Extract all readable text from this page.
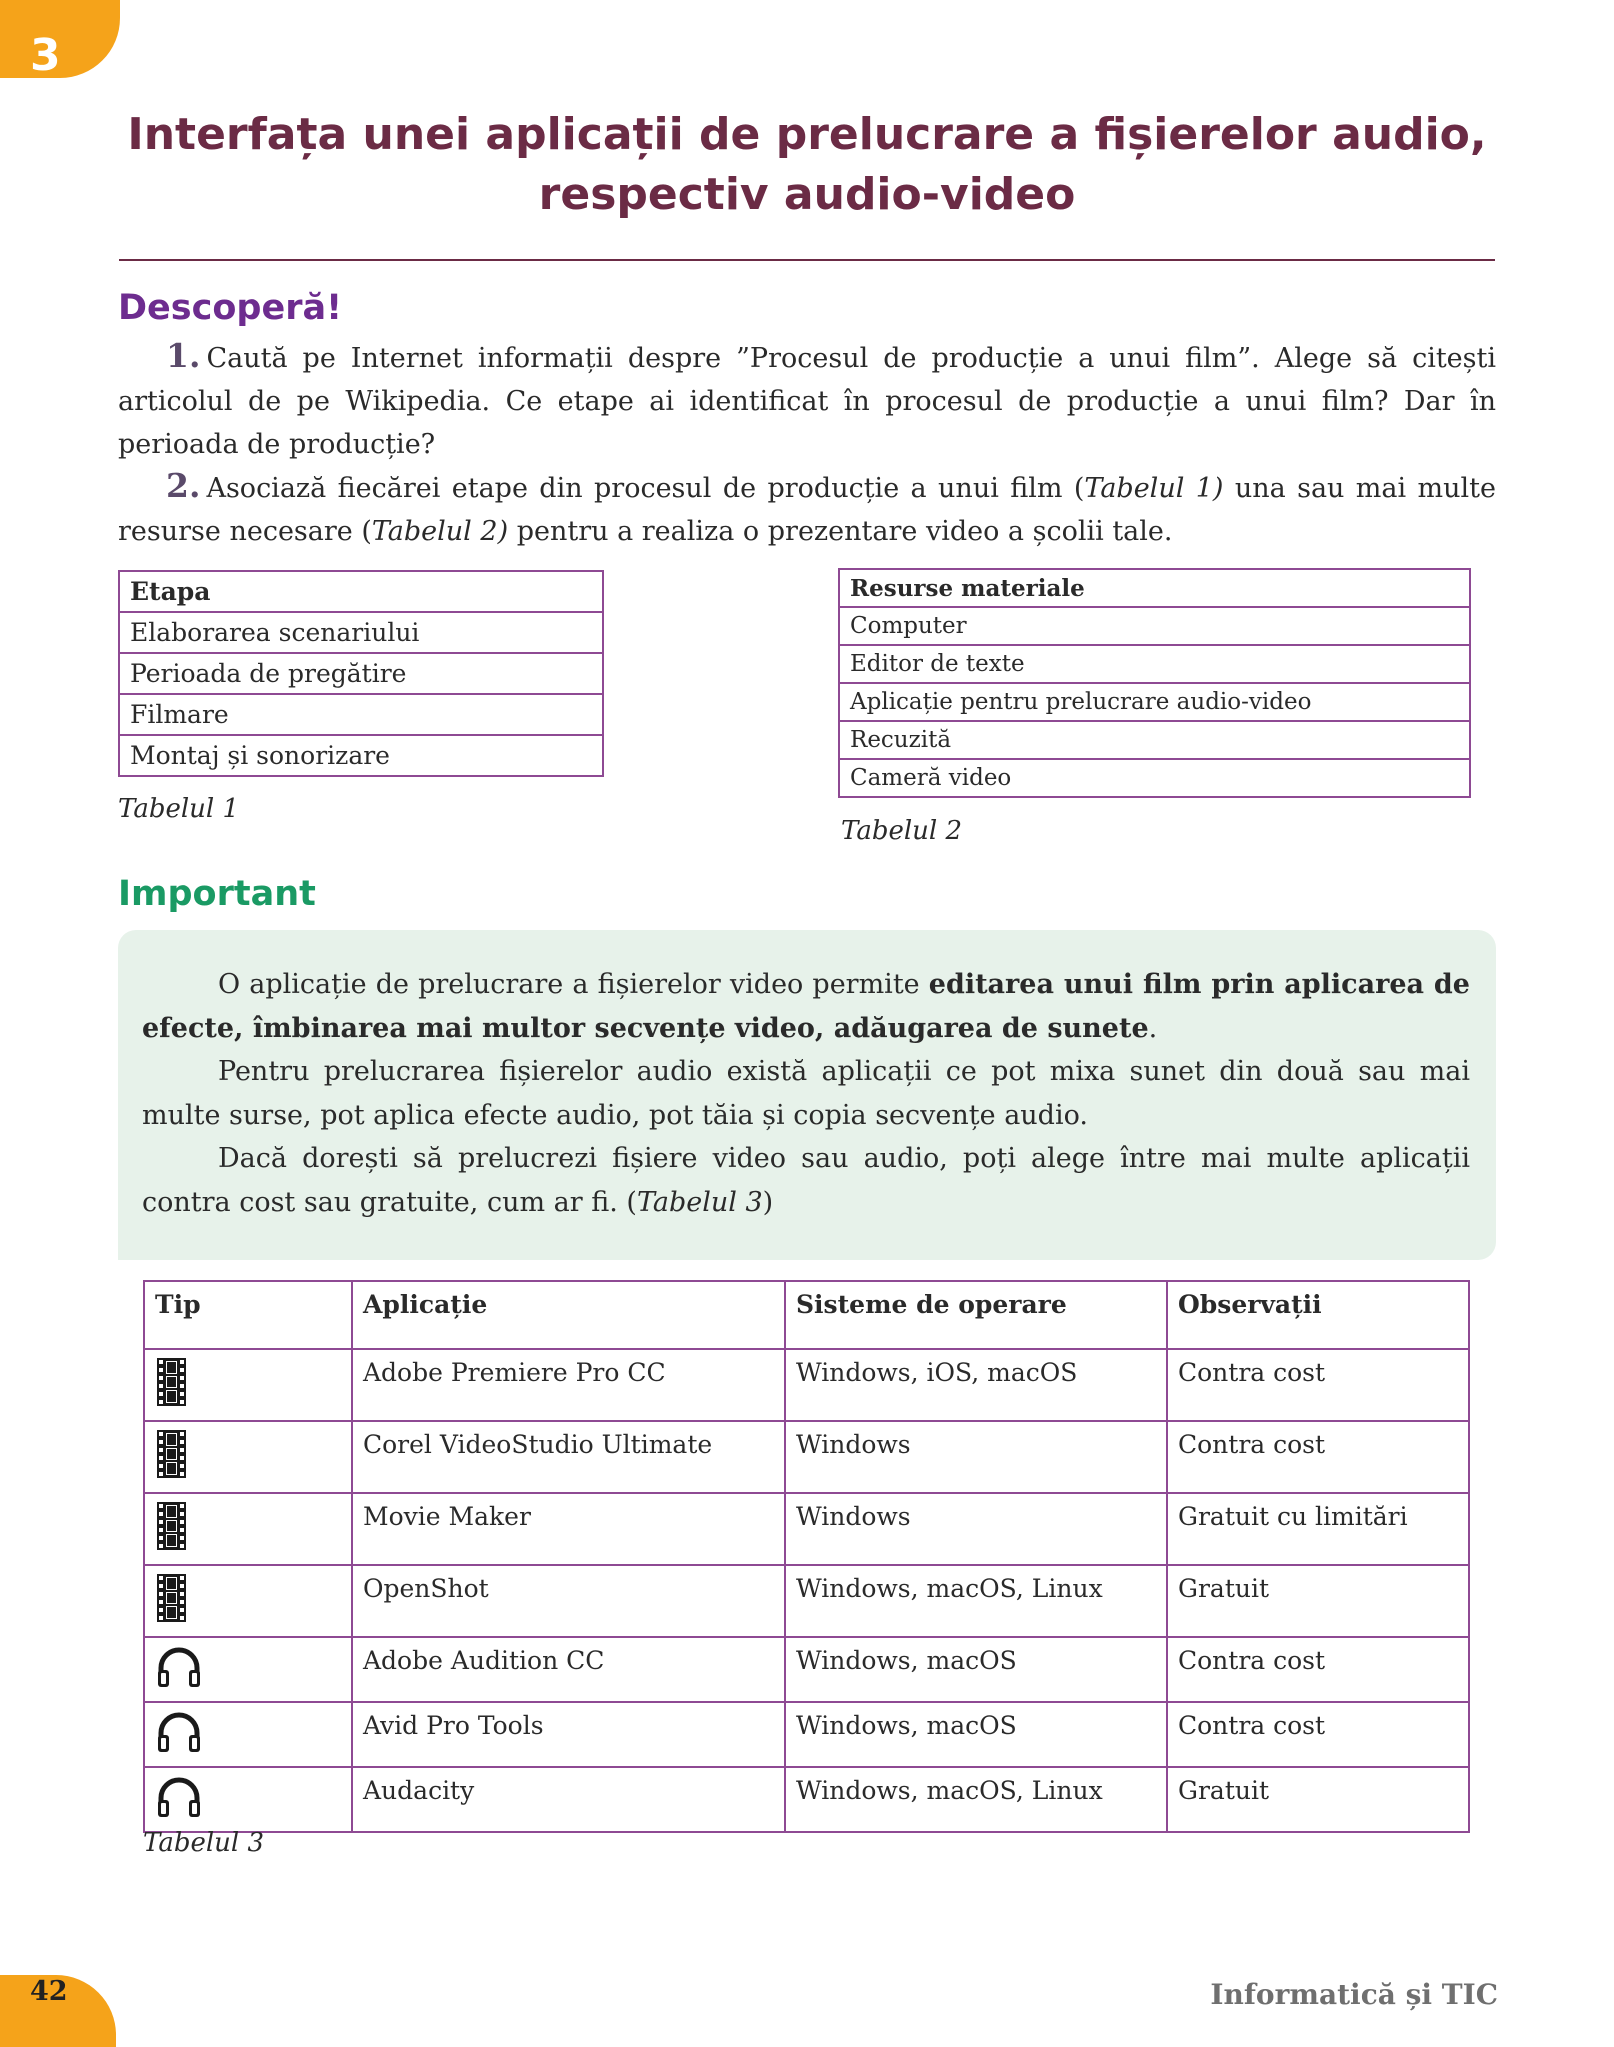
3
42	Informatică și TIC
Interfața unei aplicații de prelucrare a fișierelor audio,
respectiv audio-video
Descoperă!

1. Caută pe Internet informații despre ”Procesul de producție a unui film”. Alege să citești articolul de pe Wikipedia. Ce etape ai identificat în procesul de producție a unui film? Dar în perioada de producție?

2. Asociază fiecărei etape din procesul de producție a unui film (Tabelul 1) una sau mai multe resurse necesare (Tabelul 2) pentru a realiza o prezentare video a școlii tale.

Etapa
Elaborarea scenariului
Perioada de pregătire
Filmare
Montaj și sonorizare
Tabelul 1
Resurse materiale
Computer
Editor de texte
Aplicație pentru prelucrare audio-video
Recuzită
Cameră video
Tabelul 2
Important

O aplicație de prelucrare a fișierelor video permite editarea unui film prin aplicarea de efecte, îmbinarea mai multor secvențe video, adăugarea de sunete.

Pentru prelucrarea fișierelor audio există aplicații ce pot mixa sunet din două sau mai multe surse, pot aplica efecte audio, pot tăia și copia secvențe audio.

Dacă dorești să prelucrezi fișiere video sau audio, poți alege între mai multe aplicații contra cost sau gratuite, cum ar fi. (Tabelul 3)

Tip	Aplicație	Sisteme de operare	Observații
	Adobe Premiere Pro CC	Windows, iOS, macOS	Contra cost
	Corel VideoStudio Ultimate	Windows	Contra cost
	Movie Maker	Windows	Gratuit cu limitări
	OpenShot	Windows, macOS, Linux	Gratuit
	Adobe Audition CC	Windows, macOS	Contra cost
	Avid Pro Tools	Windows, macOS	Contra cost
	Audacity	Windows, macOS, Linux	Gratuit
Tabelul 3
